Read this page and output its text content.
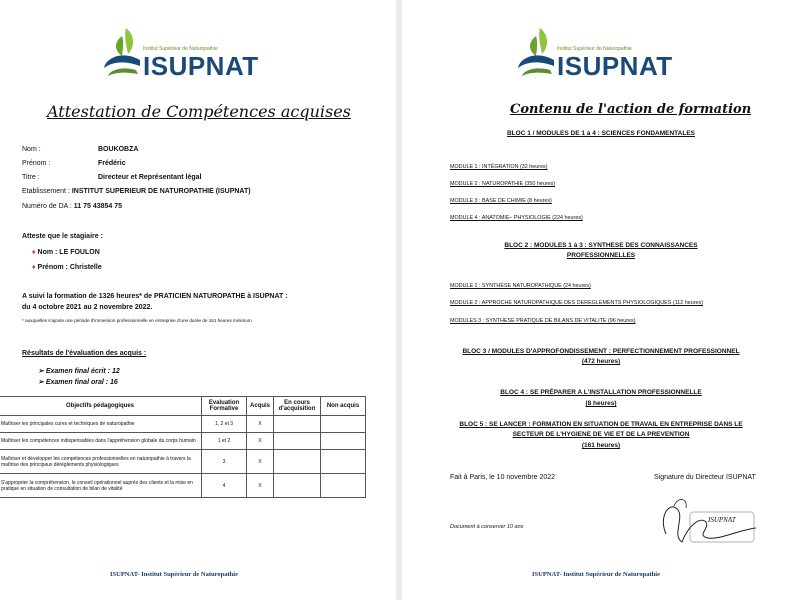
Institut Supérieur de Naturopathie
ISUPNAT
Attestation de Compétences acquises
Nom :	BOUKOBZA
Prénom :	Frédéric
Titre :	Directeur et Représentant légal
Etablissement : INSTITUT SUPERIEUR DE NATUROPATHIE (ISUPNAT)
Numéro de DA : 11 75 43854 75
Atteste que le stagiaire :
♦ Nom : LE FOULON
♦ Prénom : Christelle
A suivi la formation de 1326 heures* de PRATICIEN NATUROPATHE à ISUPNAT :
du 4 octobre 2021 au 2 novembre 2022.
* auxquelles s'ajoute une période d'immersion professionnelle en entreprise d'une durée de 161 heures minimum
Résultats de l'évaluation des acquis :
➢ Examen final écrit : 12
➢ Examen final oral : 16
Objectifs pédagogiques	Evaluation Formative	Acquis	En cours d'acquisition	Non acquis
Maîtriser les principales cures et techniques de naturopathie	1, 2 et 3	X		
Maîtriser les compétences indispensables dans l'appréhension globale du corps humain	1 et 2	X		
Maîtriser et développer les compétences professionnelles en naturopathie à travers la maîtrise des principaux dérèglements physiologiques	3	X		
S'approprier la compréhension, le conseil opérationnel auprès des clients et la mise en pratique en situation de consultation de bilan de vitalité	4	X		
ISUPNAT- Institut Supérieur de Naturopathie
Institut Supérieur de Naturopathie
ISUPNAT
Contenu de l'action de formation
BLOC 1 / MODULES DE 1 à 4 : SCIENCES FONDAMENTALES
MODULE 1 : INTÉGRATION (32 heures)
MODULE 2 : NATUROPATHIE (350 heures)
MODULE 3 : BASE DE CHIMIE (8 heures)
MODULE 4 : ANATOMIE– PHYSIOLOGIE (224 heures)
BLOC 2 : MODULES 1 à 3 : SYNTHESE DES CONNAISSANCES
PROFESSIONNELLES
MODULE 1 : SYNTHÈSE NATUROPATHIQUE (24 heures)
MODULE 2 : APPROCHE NATUROPATHIQUE DES DEREGLEMENTS PHYSIOLOGIQUES (112 heures)
MODULES 3 : SYNTHESE PRATIQUE DE BILANS DE VITALITE (96 heures)
BLOC 3 / MODULES D'APPROFONDISSEMENT : PERFECTIONNEMENT PROFESSIONNEL
(472 heures)
BLOC 4 : SE PRÉPARER A L'INSTALLATION PROFESSIONNELLE
(8 heures)
BLOC 5 : SE LANCER : FORMATION EN SITUATION DE TRAVAIL EN ENTREPRISE DANS LE
SECTEUR DE L'HYGIENE DE VIE ET DE LA PREVENTION
(161 heures)
Fait à Paris, le 10 novembre 2022	Signature du Directeur ISUPNAT
Document à conserver 10 ans
ISUPNAT
ISUPNAT- Institut Supérieur de Naturopathie
